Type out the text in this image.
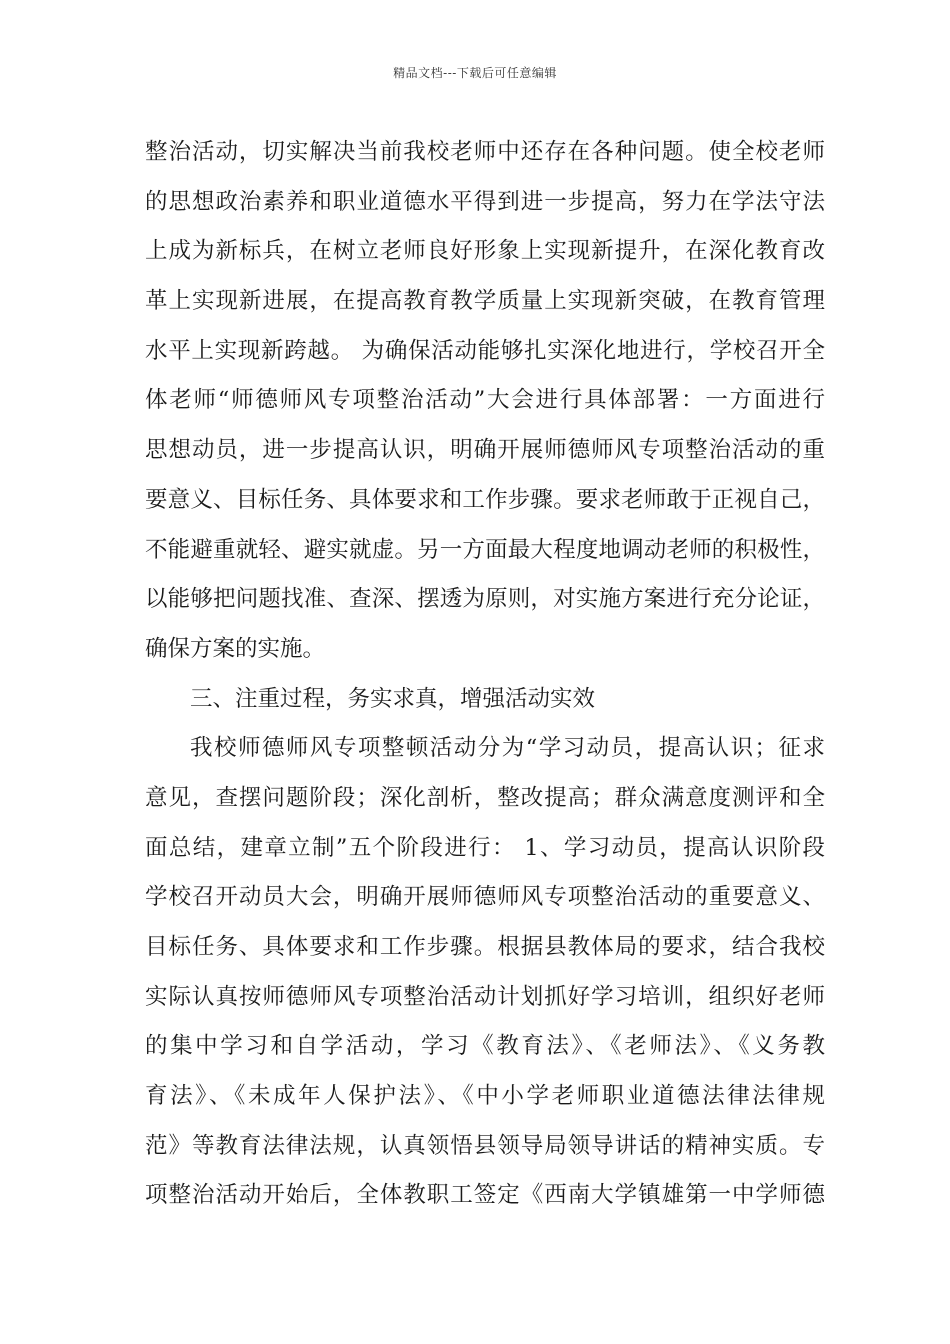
精品文档---下载后可任意编辑
整治活动，切实解决当前我校老师中还存在各种问题。使全校老师
的思想政治素养和职业道德水平得到进一步提高，努力在学法守法
上成为新标兵，在树立老师良好形象上实现新提升，在深化教育改
革上实现新进展，在提高教育教学质量上实现新突破，在教育管理
水平上实现新跨越。 为确保活动能够扎实深化地进行，学校召开全
体老师“师德师风专项整治活动”大会进行具体部署：一方面进行
思想动员，进一步提高认识，明确开展师德师风专项整治活动的重
要意义、目标任务、具体要求和工作步骤。要求老师敢于正视自己，
不能避重就轻、避实就虚。另一方面最大程度地调动老师的积极性，
以能够把问题找准、查深、摆透为原则，对实施方案进行充分论证，
确保方案的实施。
三、注重过程，务实求真，增强活动实效
我校师德师风专项整顿活动分为“学习动员，提高认识；征求
意见，查摆问题阶段；深化剖析，整改提高；群众满意度测评和全
面总结，建章立制”五个阶段进行： 1、学习动员，提高认识阶段
学校召开动员大会，明确开展师德师风专项整治活动的重要意义、
目标任务、具体要求和工作步骤。根据县教体局的要求，结合我校
实际认真按师德师风专项整治活动计划抓好学习培训，组织好老师
的集中学习和自学活动，学习《教育法》、《老师法》、《义务教
育法》、《未成年人保护法》、《中小学老师职业道德法律法律规
范》等教育法律法规，认真领悟县领导局领导讲话的精神实质。专
项整治活动开始后，全体教职工签定《西南大学镇雄第一中学师德
